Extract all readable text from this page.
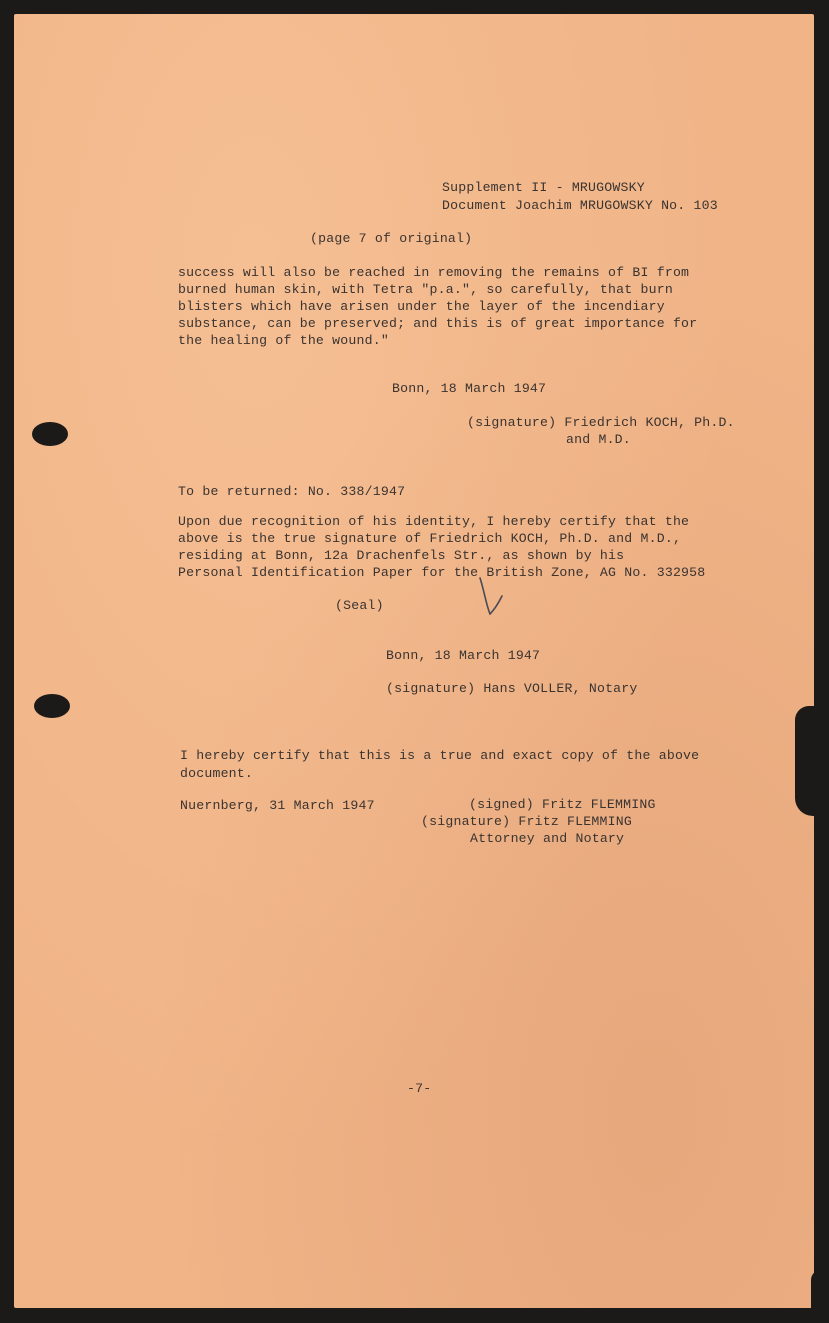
Supplement II - MRUGOWSKY

Document Joachim MRUGOWSKY No. 103

(page 7 of original)

success will also be reached in removing the remains of BI from

burned human skin, with Tetra "p.a.", so carefully, that burn

blisters which have arisen under the layer of the incendiary

substance, can be preserved; and this is of great importance for

the healing of the wound."

Bonn, 18 March 1947

(signature) Friedrich KOCH, Ph.D.

and M.D.

To be returned: No. 338/1947

Upon due recognition of his identity, I hereby certify that the

above is the true signature of Friedrich KOCH, Ph.D. and M.D.,

residing at Bonn, 12a Drachenfels Str., as shown by his

Personal Identification Paper for the British Zone, AG No. 332958

(Seal)

Bonn, 18 March 1947

(signature) Hans VOLLER, Notary

I hereby certify that this is a true and exact copy of the above

document.

Nuernberg, 31 March 1947	(signed) Fritz FLEMMING

(signature) Fritz FLEMMING

Attorney and Notary

-7-
